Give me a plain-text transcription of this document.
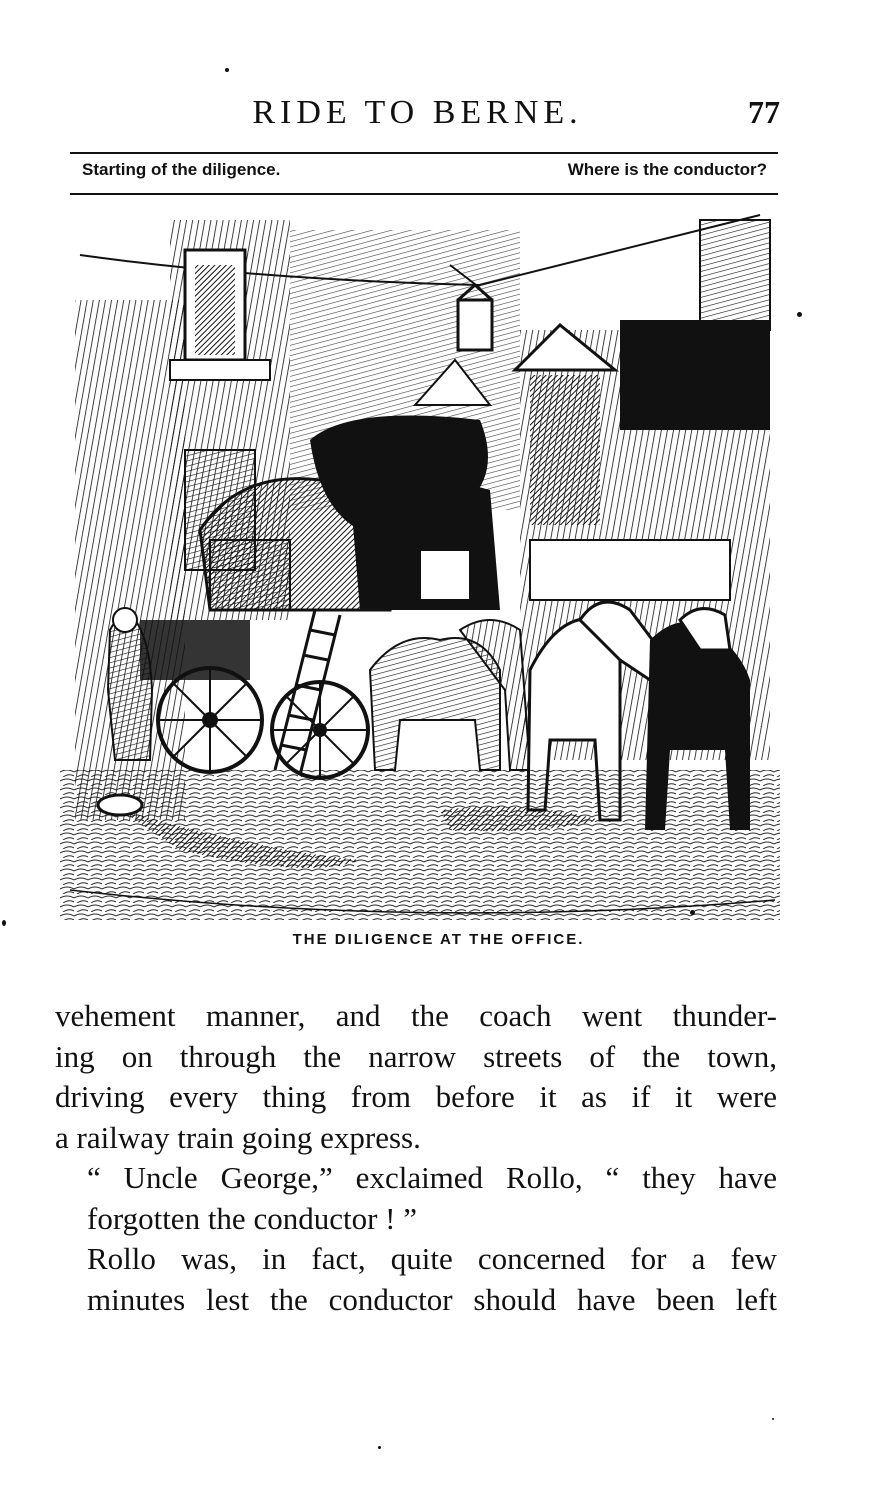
RIDE TO BERNE.	77
Starting of the diligence.	Where is the conductor?
THE DILIGENCE AT THE OFFICE.

vehement manner, and the coach went thunder-
ing on through the narrow streets of the town,
driving every thing from before it as if it were
a railway train going express.

“ Uncle George,” exclaimed Rollo, “ they have
forgotten the conductor ! ”

Rollo was, in fact, quite concerned for a few
minutes lest the conductor should have been left
